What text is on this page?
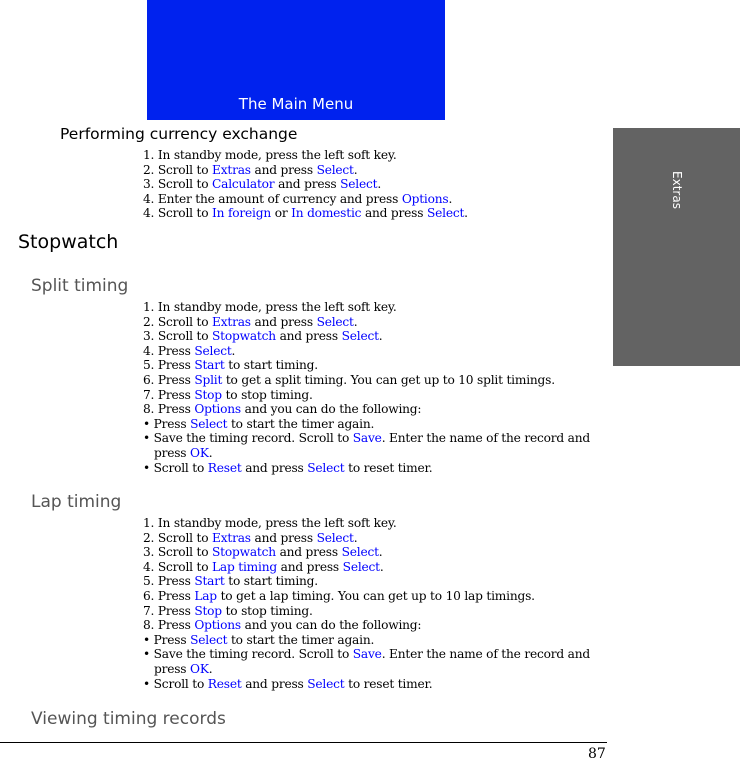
The Main Menu
Extras
Performing currency exchange
1. In standby mode, press the left soft key.
2. Scroll to Extras and press Select.
3. Scroll to Calculator and press Select.
4. Enter the amount of currency and press Options.
4. Scroll to In foreign or In domestic and press Select.
Stopwatch
Split timing
1. In standby mode, press the left soft key.
2. Scroll to Extras and press Select.
3. Scroll to Stopwatch and press Select.
4. Press Select.
5. Press Start to start timing.
6. Press Split to get a split timing. You can get up to 10 split timings.
7. Press Stop to stop timing.
8. Press Options and you can do the following:
• Press Select to start the timer again.
• Save the timing record. Scroll to Save. Enter the name of the record and
press OK.
• Scroll to Reset and press Select to reset timer.
Lap timing
1. In standby mode, press the left soft key.
2. Scroll to Extras and press Select.
3. Scroll to Stopwatch and press Select.
4. Scroll to Lap timing and press Select.
5. Press Start to start timing.
6. Press Lap to get a lap timing. You can get up to 10 lap timings.
7. Press Stop to stop timing.
8. Press Options and you can do the following:
• Press Select to start the timer again.
• Save the timing record. Scroll to Save. Enter the name of the record and
press OK.
• Scroll to Reset and press Select to reset timer.
Viewing timing records
87
